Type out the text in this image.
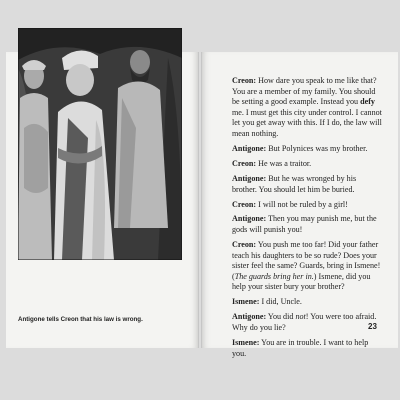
Antigone tells Creon that his law is wrong.

Creon: How dare you speak to me like that? You are a member of my family. You should be setting a good example. Instead you defy me. I must get this city under control. I cannot let you get away with this. If I do, the law will mean nothing.

Antigone: But Polynices was my brother.

Creon: He was a traitor.

Antigone: But he was wronged by his brother. You should let him be buried.

Creon: I will not be ruled by a girl!

Antigone: Then you may punish me, but the gods will punish you!

Creon: You push me too far! Did your father teach his daughters to be so rude? Does your sister feel the same? Guards, bring in Ismene! (The guards bring her in.) Ismene, did you help your sister bury your brother?

Ismene: I did, Uncle.

Antigone: You did not! You were too afraid. Why do you lie?

Ismene: You are in trouble. I want to help you.

23
